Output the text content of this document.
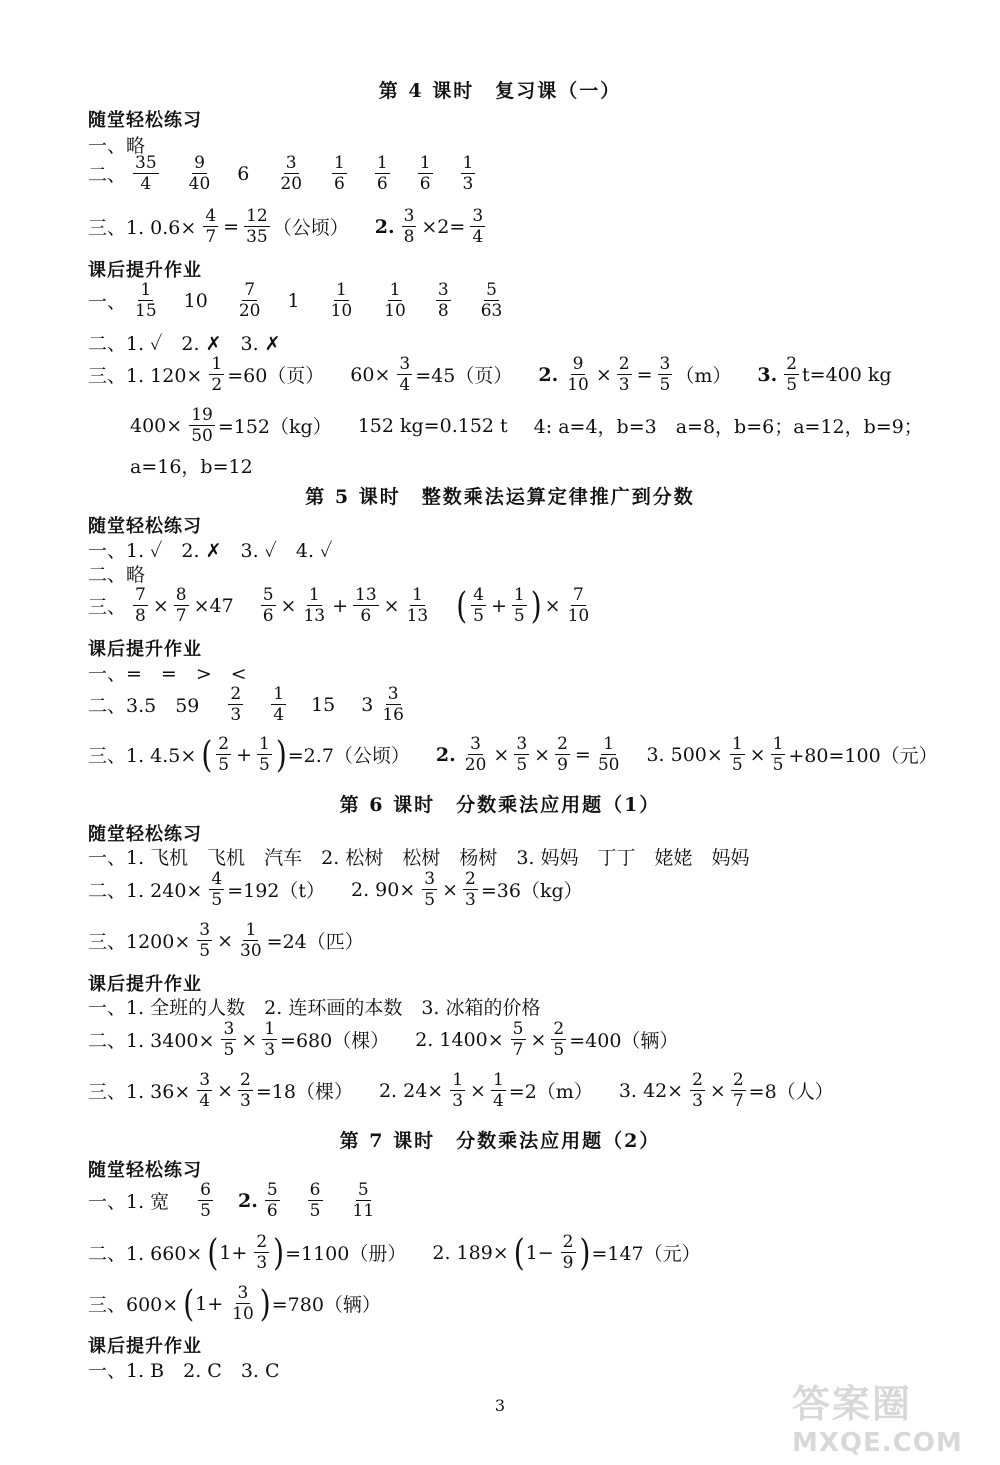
第 4 课时　复习课（一）
随堂轻松练习
一、略
二、 $\frac{35}{4} \frac{9}{40} 6 \frac{3}{20} \frac{1}{6} \frac{1}{6} \frac{1}{6} \frac{1}{3}$
三、1. $0.6\times \frac{4}{7} = \frac{12}{35}$ （公顷） 2. $\frac{3}{8} \times 2= \frac{3}{4}$
课后提升作业
一、 $\frac{1}{15} 10 \frac{7}{20} 1 \frac{1}{10} \frac{1}{10} \frac{3}{8} \frac{5}{63}$
二、1. ✓　2. ✗　3. ✗
三、1. $120\times \frac{1}{2} =60$（页） $60\times \frac{3}{4} =45$（页） 2. $\frac{9}{10} \times \frac{2}{3} = \frac{3}{5} (m)$ 3. $\frac{2}{5} t=400$ kg
$400\times \frac{19}{50} =152(kg)$ 152 kg=0.152 t 4: a=4，b=3　a=8，b=6；a=12，b=9；
a=16，b=12
第 5 课时　整数乘法运算定律推广到分数
随堂轻松练习
一、1. ✓　2. ✗　3. ✓　4. ✓
二、略
三、 $\frac{7}{8} \times \frac{8}{7} \times 47 \frac{5}{6} \times \frac{1}{13} + \frac{13}{6} \times \frac{1}{13}$ ( $\frac{4}{5} + \frac{1}{5}$ ) × $\frac{7}{10}$
课后提升作业
一、=　=　>　<
二、3.5　$59 \frac{2}{3} \frac{1}{4} 15$ $3 \frac{3}{16}$
三、1. 4.5× ( $\frac{2}{5} + \frac{1}{5}$ ) =2.7（公顷） 2. $\frac{3}{20} \times \frac{3}{5} \times \frac{2}{9} = \frac{1}{50} 3$. $500\times \frac{1}{5} \times \frac{1}{5} +80=100$（元）
第 6 课时　分数乘法应用题（1）
随堂轻松练习
一、1. 飞机　飞机　汽车　2. 松树　松树　杨树　3. 妈妈　丁丁　姥姥　妈妈
二、1. $240\times \frac{4}{5} =192(t)$ 2. $90\times \frac{3}{5} \times \frac{2}{3} =36(kg)$
三、$1200\times \frac{3}{5} \times \frac{1}{30} =24$（匹）
课后提升作业
一、1. 全班的人数　2. 连环画的本数　3. 冰箱的价格
二、1. $3400\times \frac{3}{5} \times \frac{1}{3} =680$（棵） 2. $1400\times \frac{5}{7} \times \frac{2}{5} =400$（辆）
三、1. $36\times \frac{3}{4} \times \frac{2}{3} =18$（棵） 2. $24\times \frac{1}{3} \times \frac{1}{4} =2(m)$ 3. $42\times \frac{2}{3} \times \frac{2}{7} =8$（人）
第 7 课时　分数乘法应用题（2）
随堂轻松练习
一、1. 宽 $\frac{6}{5} 2$. $\frac{5}{6} \frac{6}{5} \frac{5}{11}$
二、1. 660× ( $1+ \frac{2}{3}$ ) =1100（册） 2. 189× ( $1- \frac{2}{9}$ ) =147（元）
三、600× ( $1+ \frac{3}{10}$ ) =780（辆）
课后提升作业
一、1. B　2. C　3. C
3	答案圈
MXQE.COM
